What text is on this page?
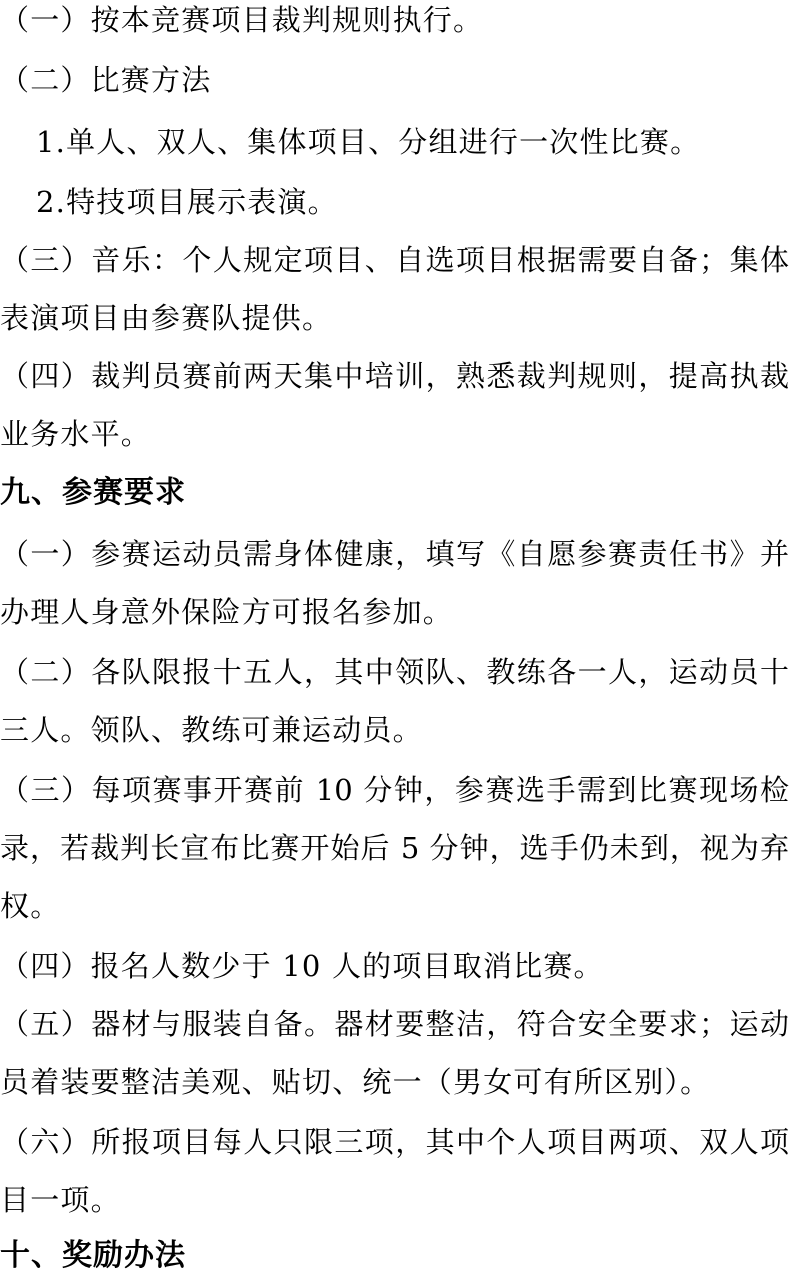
（一）按本竞赛项目裁判规则执行。
（二）比赛方法
1.单人、双人、集体项目、分组进行一次性比赛。
2.特技项目展示表演。
（三）音乐：个人规定项目、自选项目根据需要自备；集体
表演项目由参赛队提供。
（四）裁判员赛前两天集中培训，熟悉裁判规则，提高执裁
业务水平。
九、参赛要求
（一）参赛运动员需身体健康，填写《自愿参赛责任书》并
办理人身意外保险方可报名参加。
（二）各队限报十五人，其中领队、教练各一人，运动员十
三人。领队、教练可兼运动员。
（三）每项赛事开赛前 10 分钟，参赛选手需到比赛现场检
录，若裁判长宣布比赛开始后 5 分钟，选手仍未到，视为弃
权。
（四）报名人数少于 10 人的项目取消比赛。
（五）器材与服装自备。器材要整洁，符合安全要求；运动
员着装要整洁美观、贴切、统一（男女可有所区别）。
（六）所报项目每人只限三项，其中个人项目两项、双人项
目一项。
十、奖励办法
